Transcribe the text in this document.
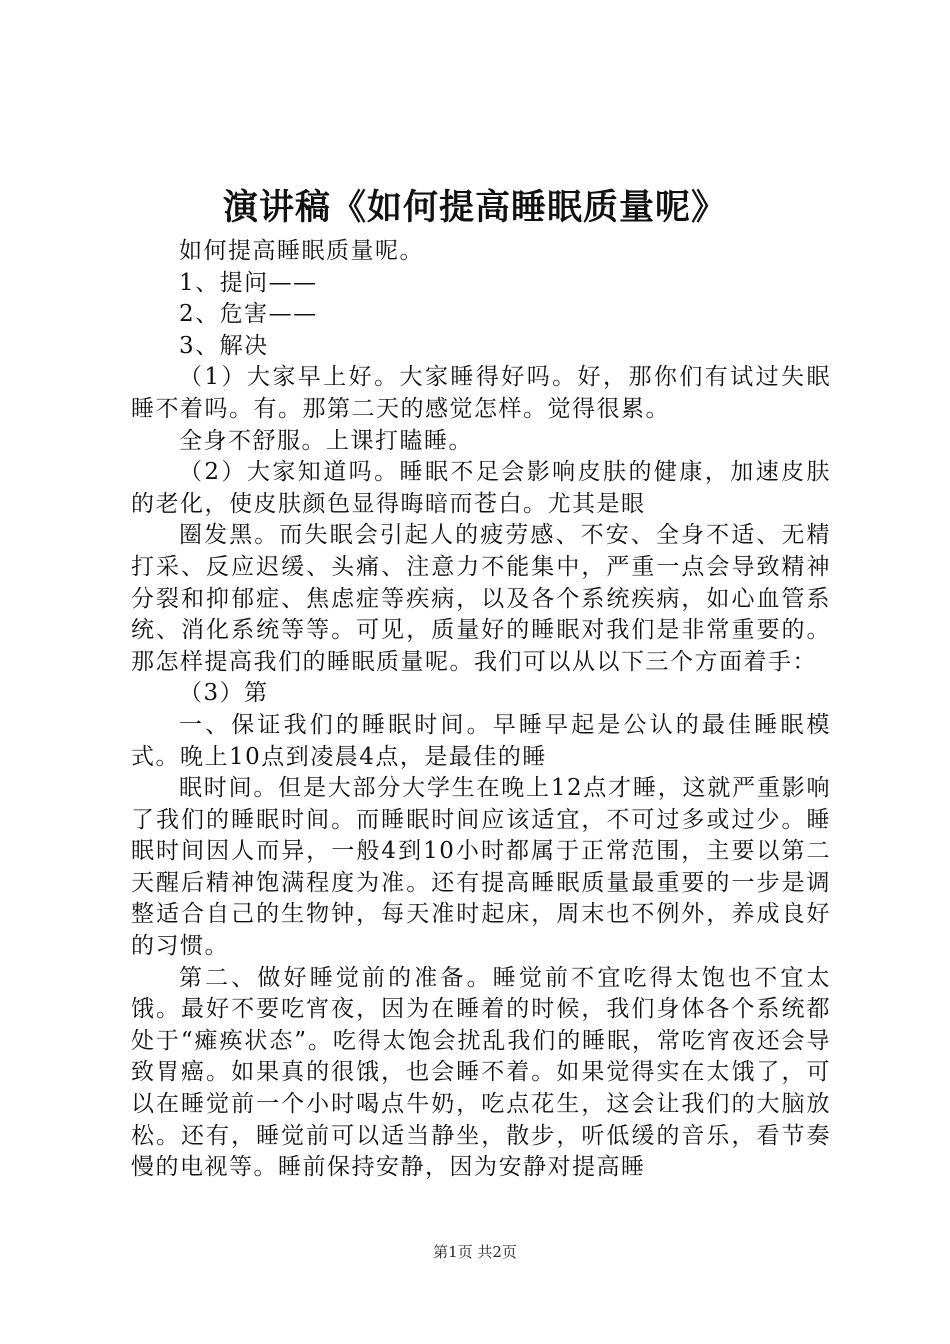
演讲稿《如何提高睡眠质量呢》

如何提高睡眠质量呢。

1、提问——

2、危害——

3、解决

（1）大家早上好。大家睡得好吗。好，那你们有试过失眠睡不着吗。有。那第二天的感觉怎样。觉得很累。

全身不舒服。上课打瞌睡。

（2）大家知道吗。睡眠不足会影响皮肤的健康，加速皮肤的老化，使皮肤颜色显得晦暗而苍白。尤其是眼

圈发黑。而失眠会引起人的疲劳感、不安、全身不适、无精打采、反应迟缓、头痛、注意力不能集中，严重一点会导致精神分裂和抑郁症、焦虑症等疾病，以及各个系统疾病，如心血管系统、消化系统等等。可见，质量好的睡眠对我们是非常重要的。那怎样提高我们的睡眠质量呢。我们可以从以下三个方面着手：

（3）第

一、保证我们的睡眠时间。早睡早起是公认的最佳睡眠模式。晚上10点到凌晨4点，是最佳的睡

眠时间。但是大部分大学生在晚上12点才睡，这就严重影响了我们的睡眠时间。而睡眠时间应该适宜，不可过多或过少。睡眠时间因人而异，一般4到10小时都属于正常范围，主要以第二天醒后精神饱满程度为准。还有提高睡眠质量最重要的一步是调整适合自己的生物钟，每天准时起床，周末也不例外，养成良好的习惯。

第二、做好睡觉前的准备。睡觉前不宜吃得太饱也不宜太饿。最好不要吃宵夜，因为在睡着的时候，我们身体各个系统都处于“瘫痪状态”。吃得太饱会扰乱我们的睡眠，常吃宵夜还会导致胃癌。如果真的很饿，也会睡不着。如果觉得实在太饿了，可以在睡觉前一个小时喝点牛奶，吃点花生，这会让我们的大脑放松。还有，睡觉前可以适当静坐，散步，听低缓的音乐，看节奏慢的电视等。睡前保持安静，因为安静对提高睡

第1页 共2页
